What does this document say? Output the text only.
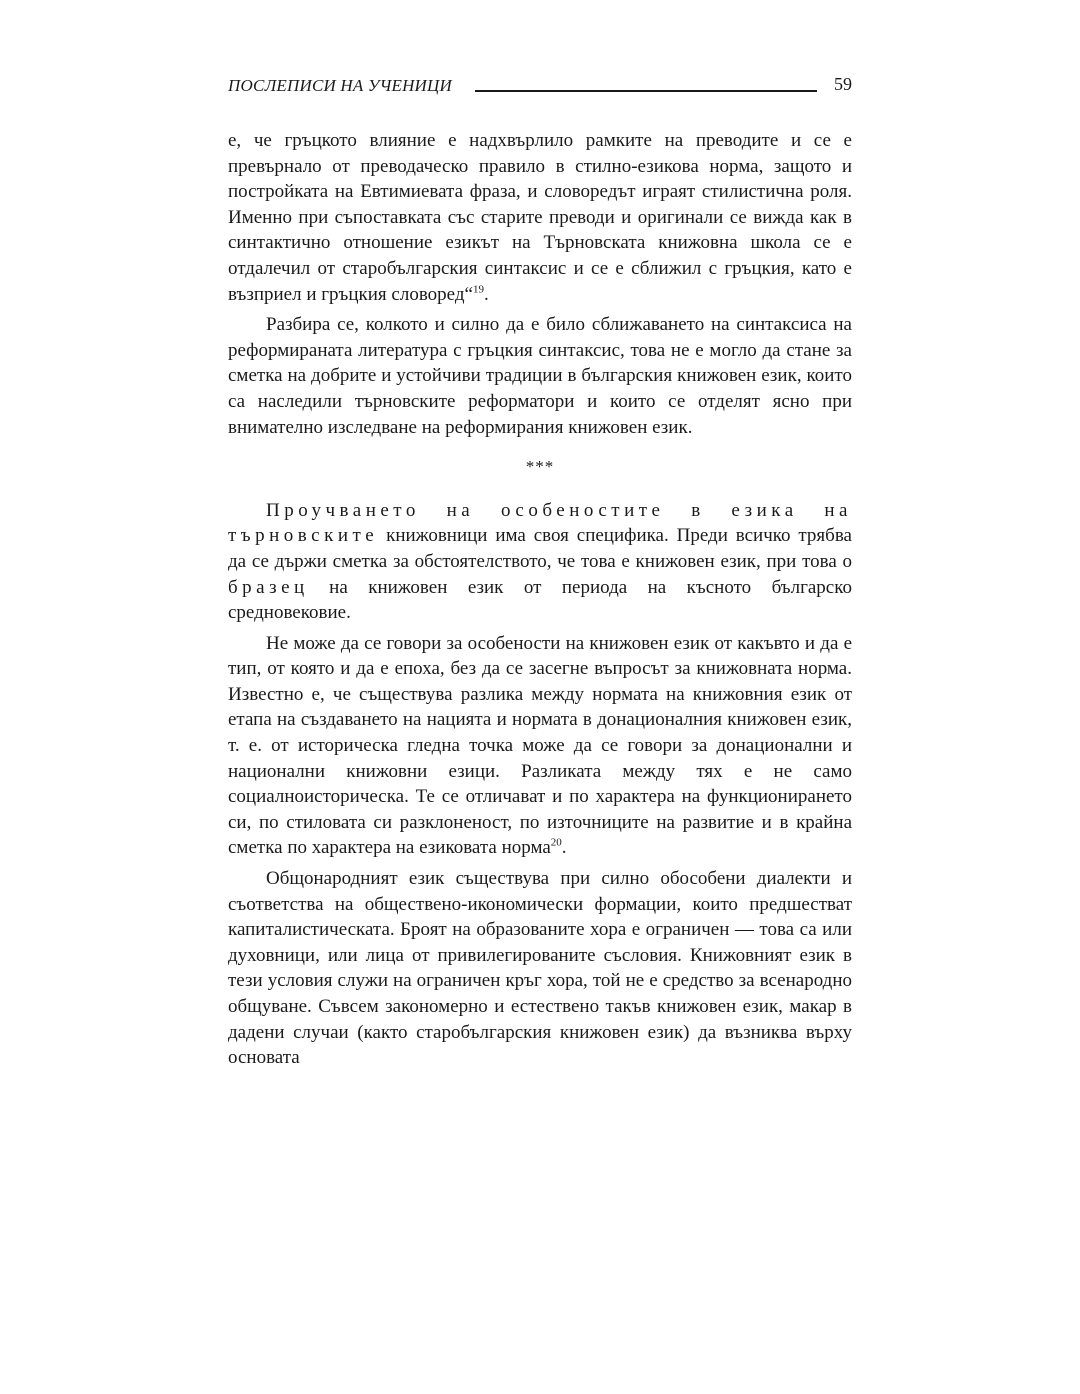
ПОСЛЕПИСИ НА УЧЕНИЦИ	59

е, че гръцкото влияние е надхвърлило рамките на преводите и се е превърнало от преводаческо правило в стилно-езикова норма, защото и постройката на Евтимиевата фраза, и словоредът играят стилистична роля. Именно при съпоставката със старите преводи и оригинали се вижда как в синтактично отношение езикът на Търновската книжовна школа се е отдалечил от старобългарския синтаксис и се е сближил с гръцкия, като е възприел и гръцкия словоред“$^{19}$.

Разбира се, колкото и силно да е било сближаването на синтаксиса на реформираната литература с гръцкия синтаксис, това не е могло да стане за сметка на добрите и устойчиви традиции в българския книжовен език, които са наследили търновските реформатори и които се отделят ясно при внимателно изследване на реформирания книжовен език.

***

Проучването на особеностите в езика на търновските книжовници има своя специфика. Преди всичко трябва да се държи сметка за обстоятелството, че това е книжовен език, при това о бразец на книжовен език от периода на късното българско средновековие.

Не може да се говори за особености на книжовен език от какъвто и да е тип, от която и да е епоха, без да се засегне въпросът за книжовната норма. Известно е, че съществува разлика между нормата на книжовния език от етапа на създаването на нацията и нормата в донационалния книжовен език, т. е. от историческа гледна точка може да се говори за донационални и национални книжовни езици. Разликата между тях е не само социалноисторическа. Те се отличават и по характера на функционирането си, по стиловата си разклоненост, по източниците на развитие и в крайна сметка по характера на езиковата норма$^{20}$.

Общонародният език съществува при силно обособени диалекти и съответства на обществено-икономически формации, които предшестват капиталистическата. Броят на образованите хора е ограничен — това са или духовници, или лица от привилегированите съсловия. Книжовният език в тези условия служи на ограничен кръг хора, той не е средство за всенародно общуване. Съвсем закономерно и естествено такъв книжовен език, макар в дадени случаи (както старобългарския книжовен език) да възниква върху основата
